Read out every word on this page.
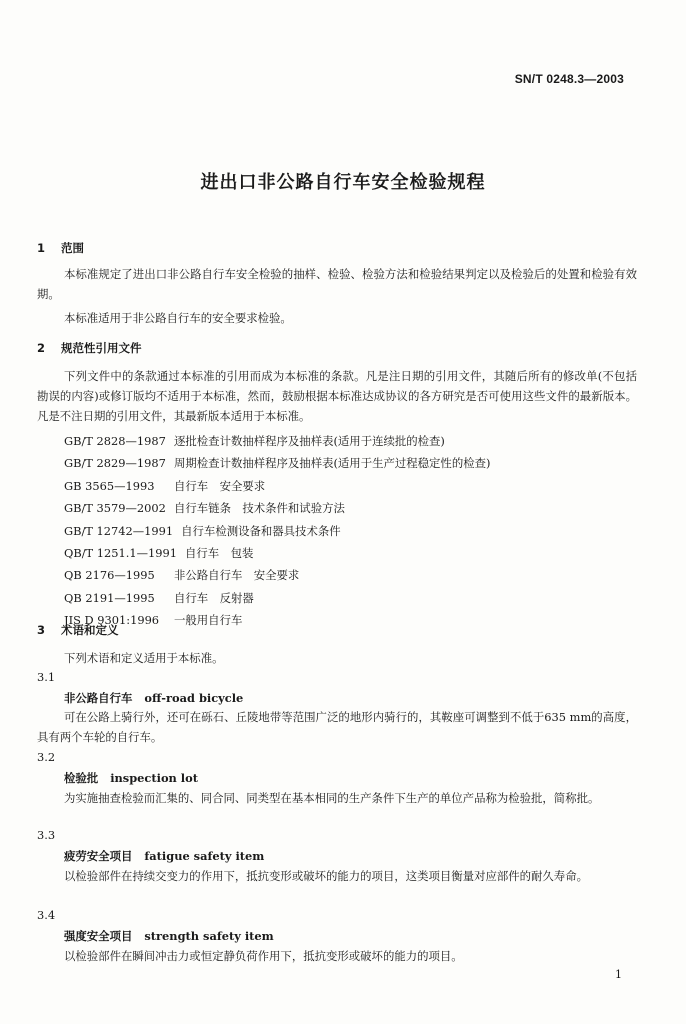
SN/T 0248.3—2003
进出口非公路自行车安全检验规程
1 范围
本标准规定了进出口非公路自行车安全检验的抽样、检验、检验方法和检验结果判定以及检验后的处置和检验有效期。
本标准适用于非公路自行车的安全要求检验。
2 规范性引用文件
下列文件中的条款通过本标准的引用而成为本标准的条款。凡是注日期的引用文件，其随后所有的修改单(不包括勘误的内容)或修订版均不适用于本标准，然而，鼓励根据本标准达成协议的各方研究是否可使用这些文件的最新版本。凡是不注日期的引用文件，其最新版本适用于本标准。
GB/T 2828—1987 逐批检查计数抽样程序及抽样表(适用于连续批的检查)
GB/T 2829—1987 周期检查计数抽样程序及抽样表(适用于生产过程稳定性的检查)
GB 3565—1993 自行车　安全要求
GB/T 3579—2002 自行车链条　技术条件和试验方法
GB/T 12742—1991 自行车检测设备和器具技术条件
QB/T 1251.1—1991 自行车　包装
QB 2176—1995 非公路自行车　安全要求
QB 2191—1995 自行车　反射器
JIS D 9301:1996 一般用自行车
3 术语和定义
下列术语和定义适用于本标准。
3.1
非公路自行车 off-road bicycle
可在公路上骑行外，还可在砾石、丘陵地带等范围广泛的地形内骑行的，其鞍座可调整到不低于635 mm的高度，具有两个车轮的自行车。
3.2
检验批 inspection lot
为实施抽查检验而汇集的、同合同、同类型在基本相同的生产条件下生产的单位产品称为检验批，简称批。
3.3
疲劳安全项目 fatigue safety item
以检验部件在持续交变力的作用下，抵抗变形或破坏的能力的项目，这类项目衡量对应部件的耐久寿命。
3.4
强度安全项目 strength safety item
以检验部件在瞬间冲击力或恒定静负荷作用下，抵抗变形或破坏的能力的项目。
1
